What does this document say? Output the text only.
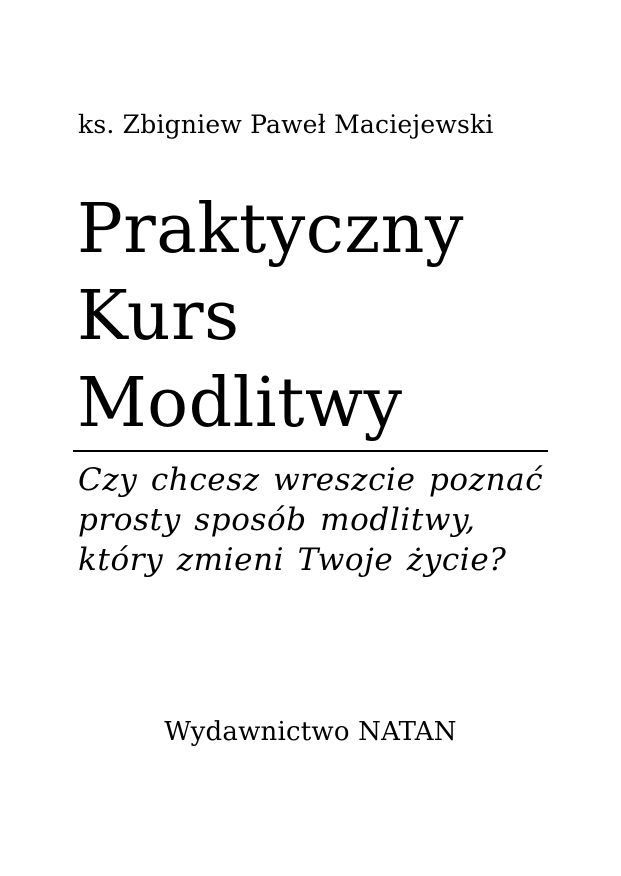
ks. Zbigniew Paweł Maciejewski
Praktyczny
Kurs
Modlitwy
Czy chcesz wreszcie poznać
prosty sposób modlitwy,
który zmieni Twoje życie?
Wydawnictwo NATAN
